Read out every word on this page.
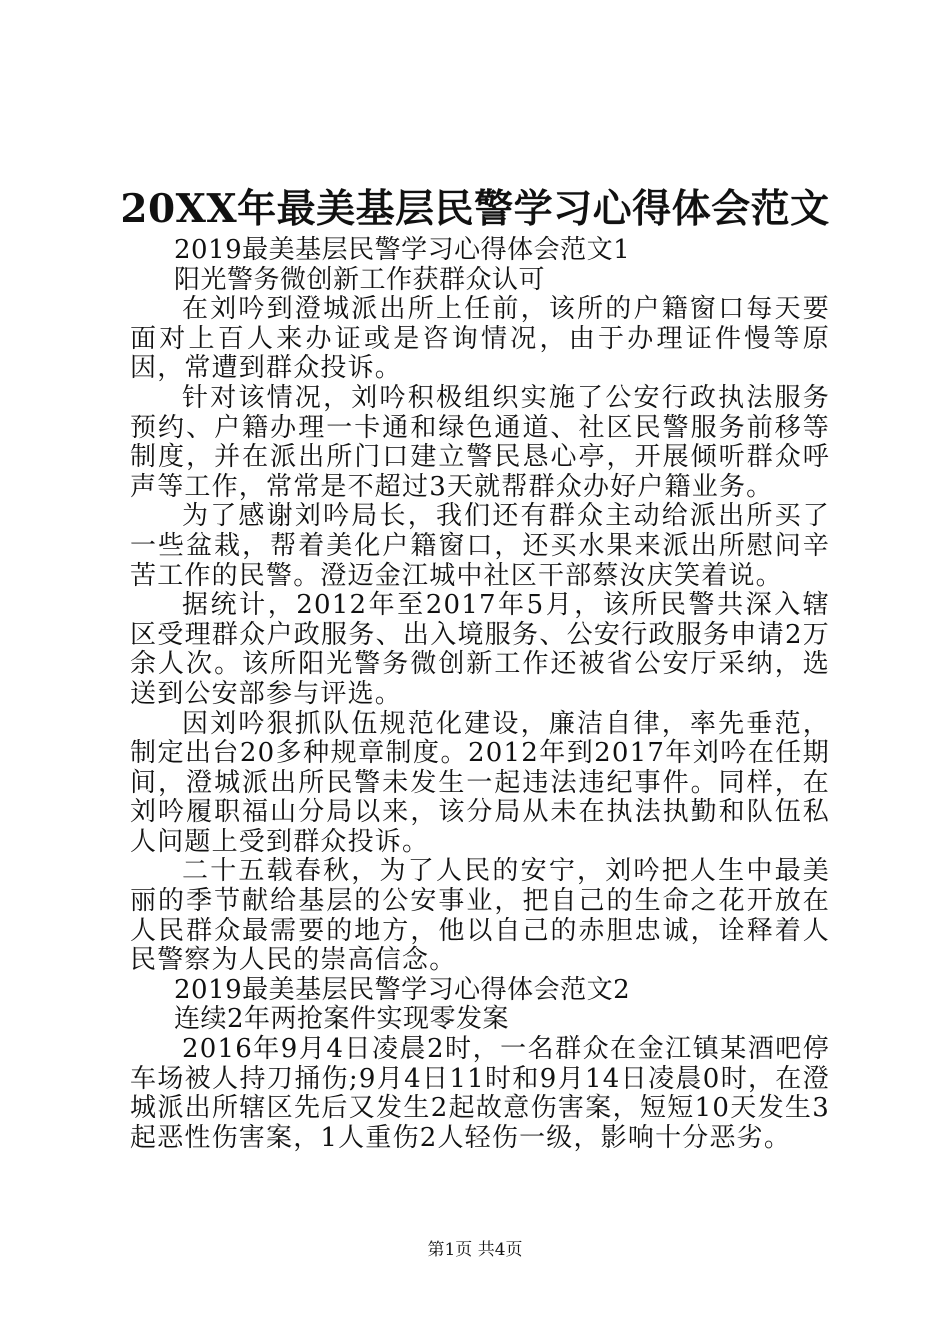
20XX年最美基层民警学习心得体会范文
2019最美基层民警学习心得体会范文1
阳光警务微创新工作获群众认可
在刘吟到澄城派出所上任前，该所的户籍窗口每天要面对上百人来办证或是咨询情况，由于办理证件慢等原因，常遭到群众投诉。
针对该情况，刘吟积极组织实施了公安行政执法服务预约、户籍办理一卡通和绿色通道、社区民警服务前移等制度，并在派出所门口建立警民恳心亭，开展倾听群众呼声等工作，常常是不超过3天就帮群众办好户籍业务。
为了感谢刘吟局长，我们还有群众主动给派出所买了一些盆栽，帮着美化户籍窗口，还买水果来派出所慰问辛苦工作的民警。澄迈金江城中社区干部蔡汝庆笑着说。
据统计，2012年至2017年5月，该所民警共深入辖区受理群众户政服务、出入境服务、公安行政服务申请2万余人次。该所阳光警务微创新工作还被省公安厅采纳，选送到公安部参与评选。
因刘吟狠抓队伍规范化建设，廉洁自律，率先垂范，制定出台20多种规章制度。2012年到2017年刘吟在任期间，澄城派出所民警未发生一起违法违纪事件。同样，在刘吟履职福山分局以来，该分局从未在执法执勤和队伍私人问题上受到群众投诉。
二十五载春秋，为了人民的安宁，刘吟把人生中最美丽的季节献给基层的公安事业，把自己的生命之花开放在人民群众最需要的地方，他以自己的赤胆忠诚，诠释着人民警察为人民的崇高信念。
2019最美基层民警学习心得体会范文2
连续2年两抢案件实现零发案
2016年9月4日凌晨2时，一名群众在金江镇某酒吧停车场被人持刀捅伤;9月4日11时和9月14日凌晨0时，在澄城派出所辖区先后又发生2起故意伤害案，短短10天发生3起恶性伤害案，1人重伤2人轻伤一级，影响十分恶劣。
第1页 共4页
